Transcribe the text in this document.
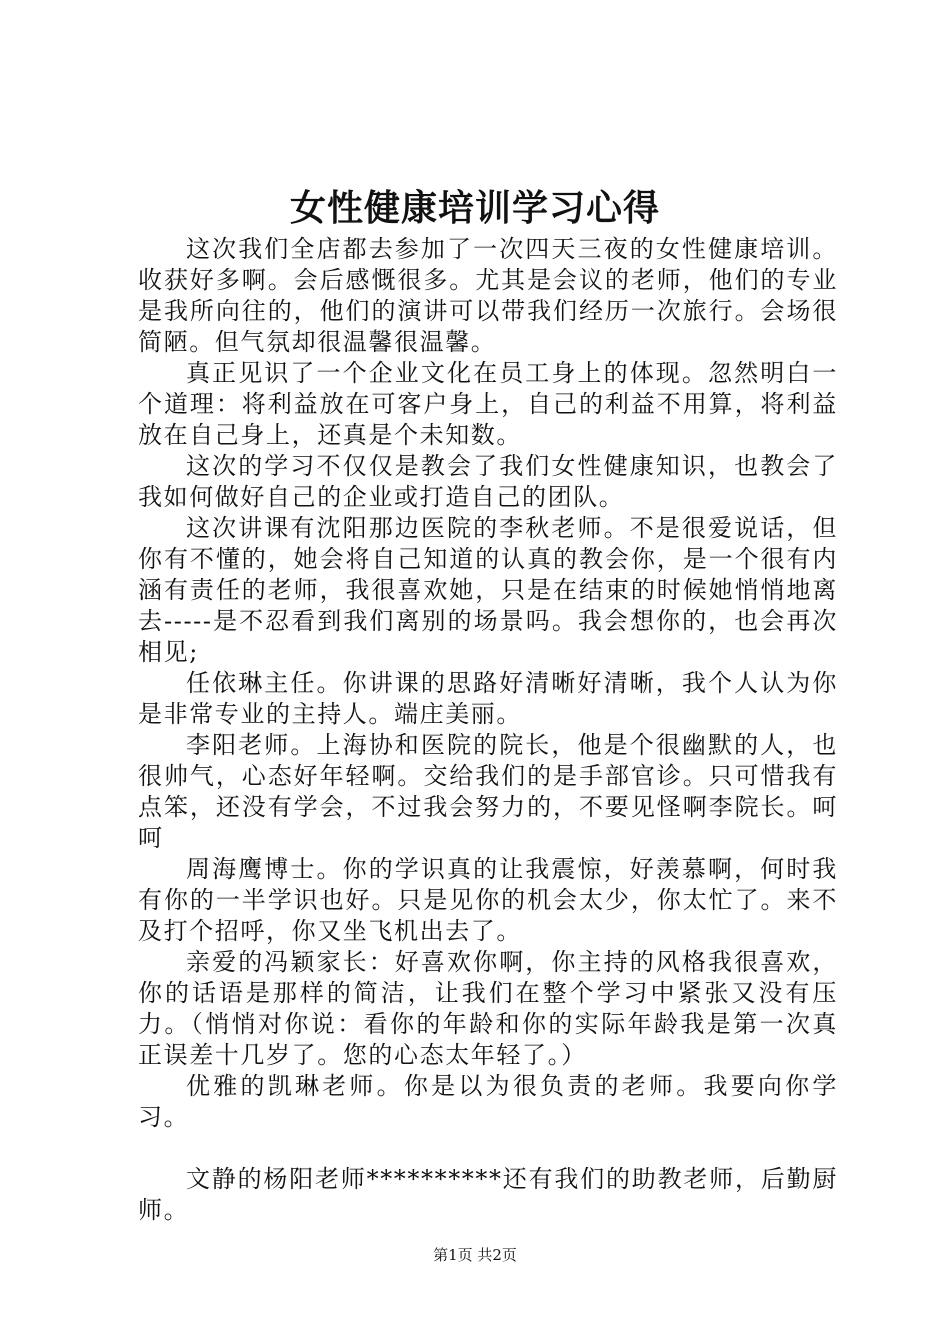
女性健康培训学习心得

这次我们全店都去参加了一次四天三夜的女性健康培训。收获好多啊。会后感慨很多。尤其是会议的老师，他们的专业是我所向往的，他们的演讲可以带我们经历一次旅行。会场很简陋。但气氛却很温馨很温馨。

真正见识了一个企业文化在员工身上的体现。忽然明白一个道理：将利益放在可客户身上，自己的利益不用算，将利益放在自己身上，还真是个未知数。

这次的学习不仅仅是教会了我们女性健康知识，也教会了我如何做好自己的企业或打造自己的团队。

这次讲课有沈阳那边医院的李秋老师。不是很爱说话，但你有不懂的，她会将自己知道的认真的教会你，是一个很有内涵有责任的老师，我很喜欢她，只是在结束的时候她悄悄地离去-----是不忍看到我们离别的场景吗。我会想你的，也会再次相见;

任依琳主任。你讲课的思路好清晰好清晰，我个人认为你是非常专业的主持人。端庄美丽。

李阳老师。上海协和医院的院长，他是个很幽默的人，也很帅气，心态好年轻啊。交给我们的是手部官诊。只可惜我有点笨，还没有学会，不过我会努力的，不要见怪啊李院长。呵呵

周海鹰博士。你的学识真的让我震惊，好羡慕啊，何时我有你的一半学识也好。只是见你的机会太少，你太忙了。来不及打个招呼，你又坐飞机出去了。

亲爱的冯颖家长：好喜欢你啊，你主持的风格我很喜欢，你的话语是那样的简洁，让我们在整个学习中紧张又没有压力。（悄悄对你说：看你的年龄和你的实际年龄我是第一次真正误差十几岁了。您的心态太年轻了。）

优雅的凯琳老师。你是以为很负责的老师。我要向你学习。

文静的杨阳老师**********还有我们的助教老师，后勤厨师。

第1页 共2页
